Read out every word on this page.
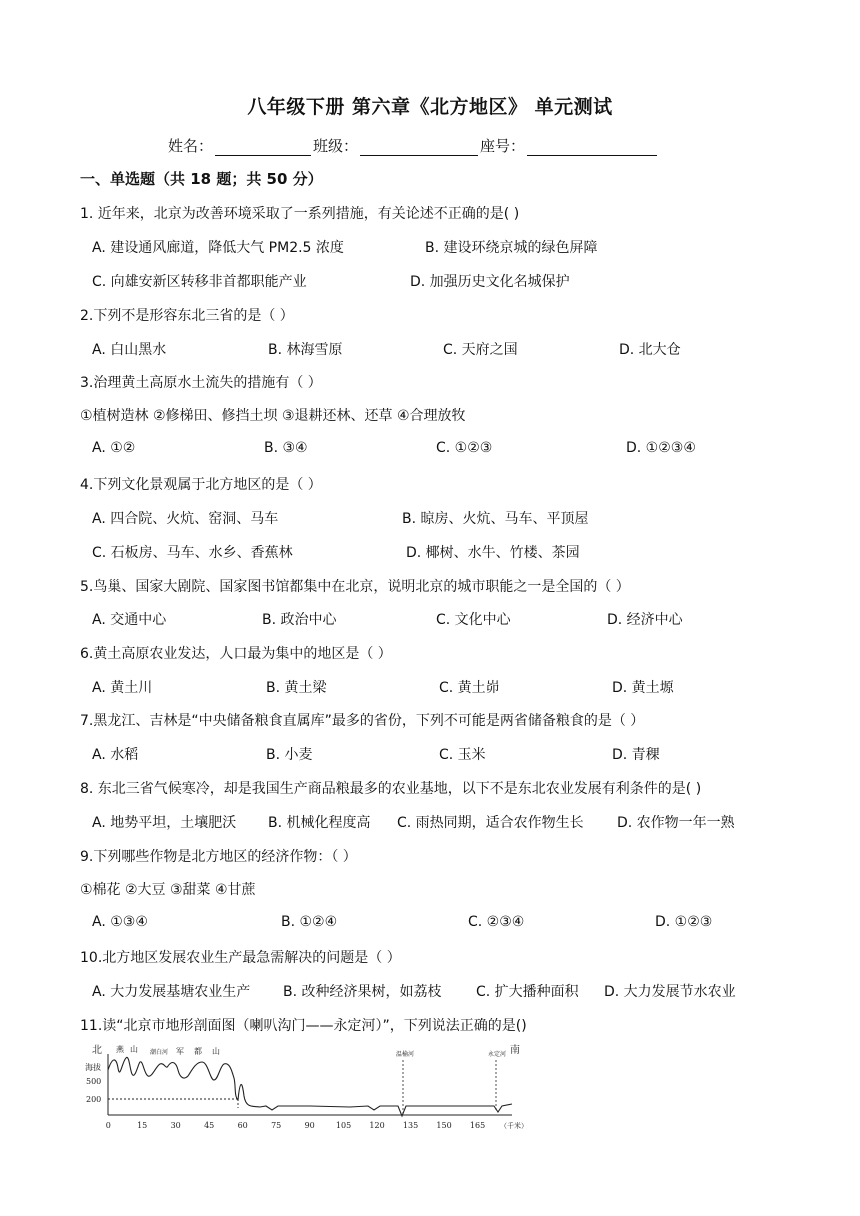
八年级下册 第六章《北方地区》 单元测试
姓名：	班级：	座号：
一、单选题（共 18 题；共 50 分）
1. 近年来，北京为改善环境采取了一系列措施，有关论述不正确的是( )
A. 建设通风廊道，降低大气 PM2.5 浓度	B. 建设环绕京城的绿色屏障
C. 向雄安新区转移非首都职能产业	D. 加强历史文化名城保护
2.下列不是形容东北三省的是（ ）
A. 白山黑水	B. 林海雪原	C. 天府之国	D. 北大仓
3.治理黄土高原水土流失的措施有（ ）
①植树造林 ②修梯田、修挡土坝 ③退耕还林、还草 ④合理放牧
A. ①②	B. ③④	C. ①②③	D. ①②③④
4.下列文化景观属于北方地区的是（ ）
A. 四合院、火炕、窑洞、马车	B. 晾房、火炕、马车、平顶屋
C. 石板房、马车、水乡、香蕉林	D. 椰树、水牛、竹楼、茶园
5.鸟巢、国家大剧院、国家图书馆都集中在北京，说明北京的城市职能之一是全国的（ ）
A. 交通中心	B. 政治中心	C. 文化中心	D. 经济中心
6.黄土高原农业发达，人口最为集中的地区是（ ）
A. 黄土川	B. 黄土梁	C. 黄土峁	D. 黄土塬
7.黑龙江、吉林是“中央储备粮食直属库”最多的省份，下列不可能是两省储备粮食的是（ ）
A. 水稻	B. 小麦	C. 玉米	D. 青稞
8. 东北三省气候寒冷，却是我国生产商品粮最多的农业基地，以下不是东北农业发展有利条件的是( )
A. 地势平坦，土壤肥沃 B. 机械化程度高 C. 雨热同期，适合农作物生长 D. 农作物一年一熟
9.下列哪些作物是北方地区的经济作物：（ ）
①棉花 ②大豆 ③甜菜 ④甘蔗
A. ①③④	B. ①②④	C. ②③④	D. ①②③
10.北方地区发展农业生产最急需解决的问题是（ ）
A. 大力发展基塘农业生产 B. 改种经济果树，如荔枝 C. 扩大播种面积 D. 大力发展节水农业
11.读“北京市地形剖面图（喇叭沟门——永定河）”，下列说法正确的是()
北	南
海拔
500
200
燕 山 潮白河 军 都 山	温榆河	永定河
0	15	30	45	60	75	90	105 120 135 150 165 （千米）
